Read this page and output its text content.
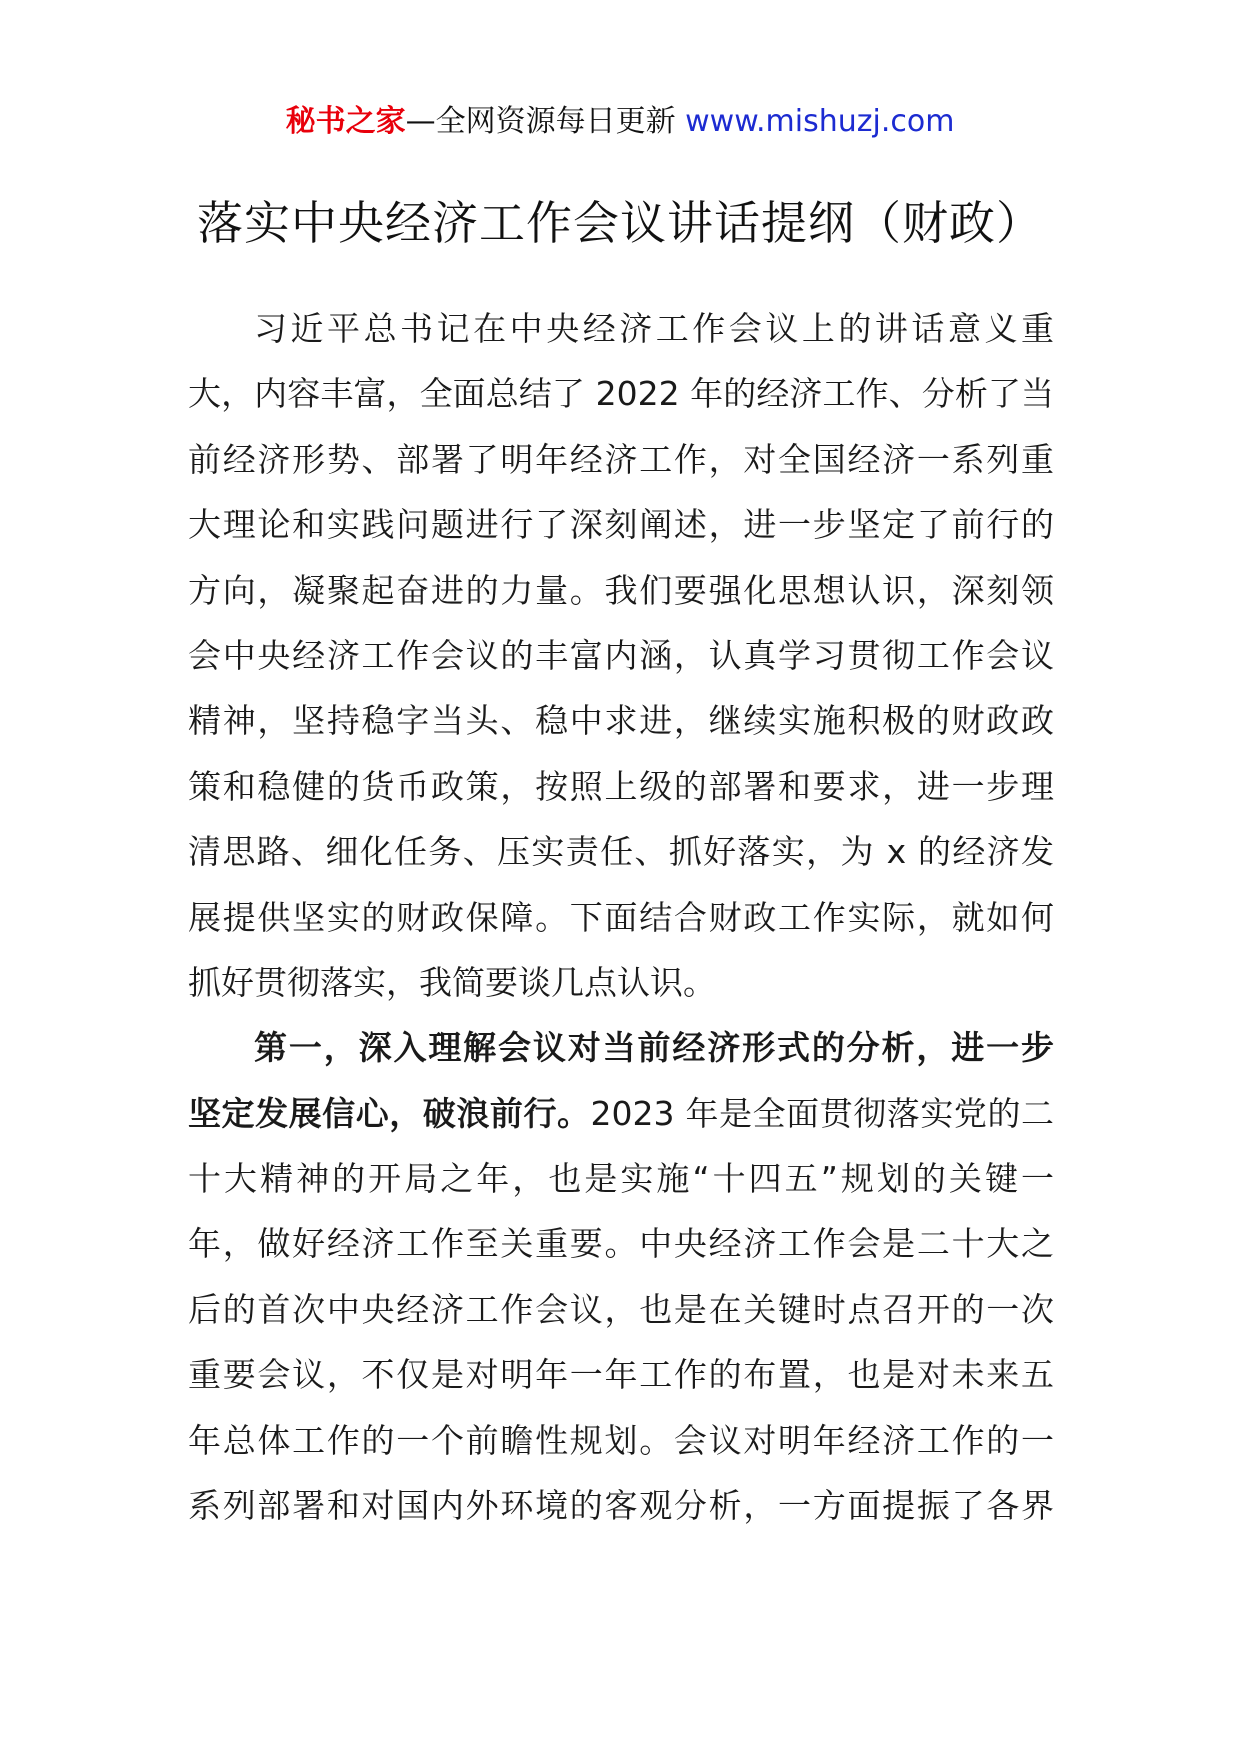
秘书之家—全网资源每日更新 www.mishuzj.com
落实中央经济工作会议讲话提纲（财政）
习近平总书记在中央经济工作会议上的讲话意义重
大，内容丰富，全面总结了 2022 年的经济工作、分析了当
前经济形势、部署了明年经济工作，对全国经济一系列重
大理论和实践问题进行了深刻阐述，进一步坚定了前行的
方向，凝聚起奋进的力量。我们要强化思想认识，深刻领
会中央经济工作会议的丰富内涵，认真学习贯彻工作会议
精神，坚持稳字当头、稳中求进，继续实施积极的财政政
策和稳健的货币政策，按照上级的部署和要求，进一步理
清思路、细化任务、压实责任、抓好落实，为 x 的经济发
展提供坚实的财政保障。下面结合财政工作实际，就如何
抓好贯彻落实，我简要谈几点认识。
第一，深入理解会议对当前经济形式的分析，进一步
坚定发展信心，破浪前行。2023 年是全面贯彻落实党的二
十大精神的开局之年，也是实施“十四五”规划的关键一
年，做好经济工作至关重要。中央经济工作会是二十大之
后的首次中央经济工作会议，也是在关键时点召开的一次
重要会议，不仅是对明年一年工作的布置，也是对未来五
年总体工作的一个前瞻性规划。会议对明年经济工作的一
系列部署和对国内外环境的客观分析，一方面提振了各界
